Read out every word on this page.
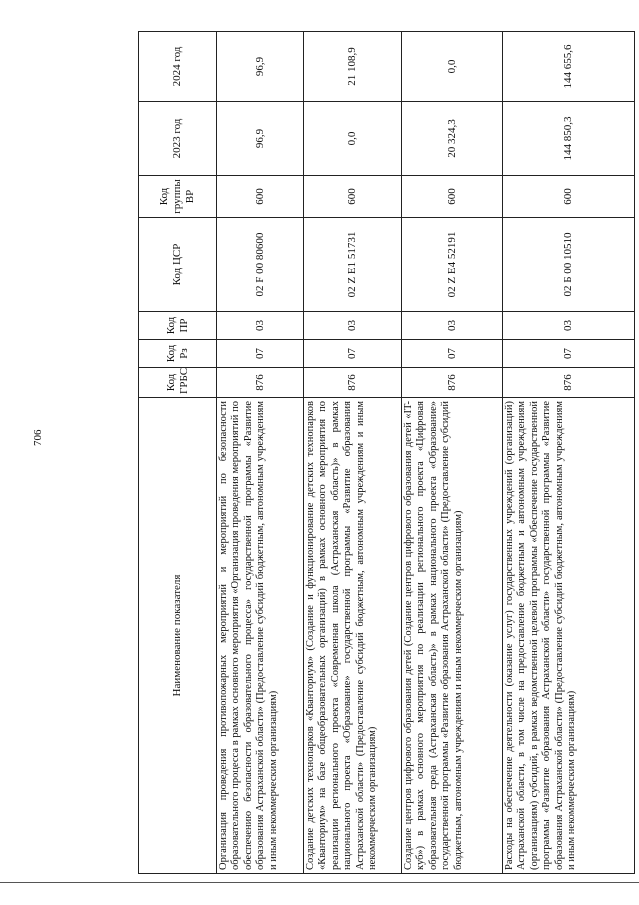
706
Наименование показателя	Код ГРБС	Код Рз	Код ПР	Код ЦСР	Код группы ВР	2023 год	2024 год
Организация проведения противопожарных мероприятий и мероприятий по безопасности образовательного процесса в рамках основного мероприятия «Организация проведения мероприятий по обеспечению безопасности образовательного процесса» государственной программы «Развитие образования Астраханской области» (Предоставление субсидий бюджетным, автономным учреждениям и иным некоммерческим организациям)	876	07	03	02 F 00 80600	600	96,9	96,9
Создание детских технопарков «Кванториум» (Создание и функционирование детских технопарков «Кванториум» на базе общеобразовательных организаций) в рамках основного мероприятия по реализации регионального проекта «Современная школа (Астраханская область)» в рамках национального проекта «Образование» государственной программы «Развитие образования Астраханской области» (Предоставление субсидий бюджетным, автономным учреждениям и иным некоммерческим организациям)	876	07	03	02 Z E1 51731	600	0,0	21 108,9
Создание центров цифрового образования детей (Создание центров цифрового образования детей «IT-куб») в рамках основного мероприятия по реализации регионального проекта «Цифровая образовательная среда (Астраханская область)» в рамках национального проекта «Образование» государственной программы «Развитие образования Астраханской области» (Предоставление субсидий бюджетным, автономным учреждениям и иным некоммерческим организациям)	876	07	03	02 Z E4 52191	600	20 324,3	0,0
Расходы на обеспечение деятельности (оказание услуг) государственных учреждений (организаций) Астраханской области, в том числе на предоставление бюджетным и автономным учреждениям (организациям) субсидий, в рамках ведомственной целевой программы «Обеспечение государственной программы «Развитие образования Астраханской области» государственной программы «Развитие образования Астраханской области» (Предоставление субсидий бюджетным, автономным учреждениям и иным некоммерческим организациям)	876	07	03	02 Б 00 10510	600	144 850,3	144 655,6
